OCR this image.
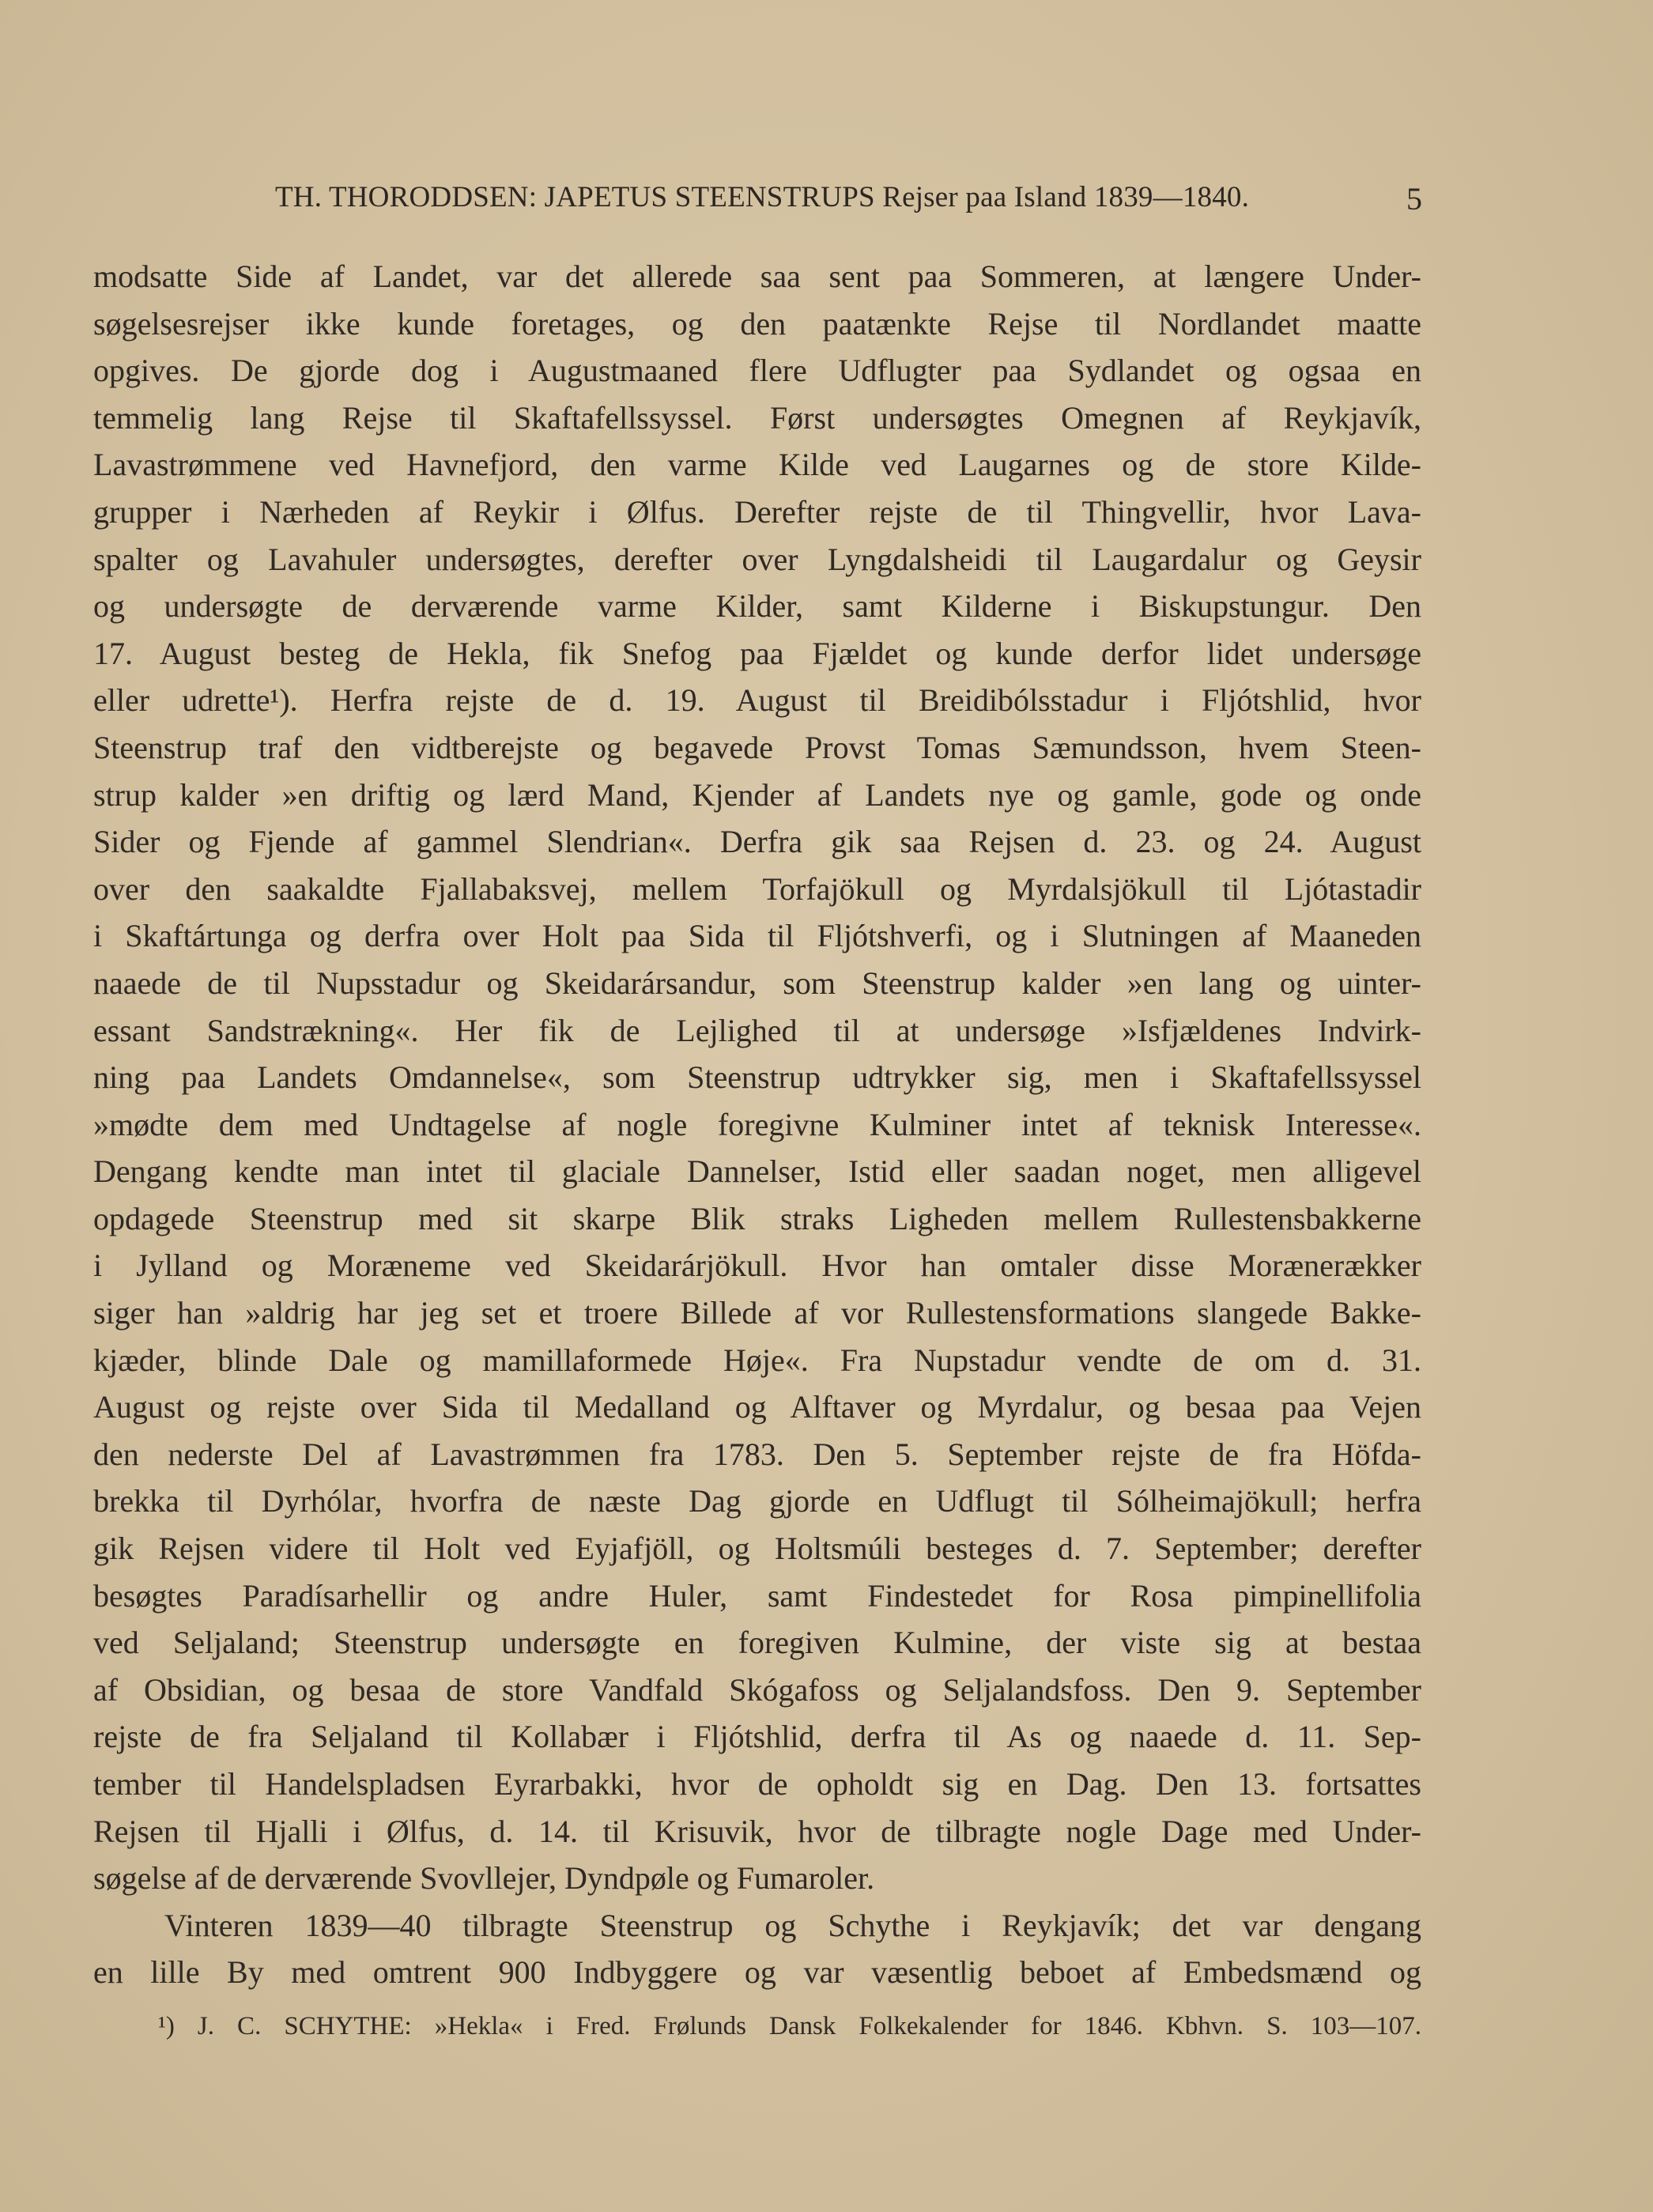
TH. THORODDSEN: JAPETUS STEENSTRUPS Rejser paa Island 1839—1840.	5
modsatte Side af Landet, var det allerede saa sent paa Sommeren, at længere Under-
søgelsesrejser ikke kunde foretages, og den paatænkte Rejse til Nordlandet maatte
opgives. De gjorde dog i Augustmaaned flere Udflugter paa Sydlandet og ogsaa en
temmelig lang Rejse til Skaftafellssyssel. Først undersøgtes Omegnen af Reykjavík,
Lavastrømmene ved Havnefjord, den varme Kilde ved Laugarnes og de store Kilde-
grupper i Nærheden af Reykir i Ølfus. Derefter rejste de til Thingvellir, hvor Lava-
spalter og Lavahuler undersøgtes, derefter over Lyngdalsheidi til Laugardalur og Geysir
og undersøgte de derværende varme Kilder, samt Kilderne i Biskupstungur. Den
17. August besteg de Hekla, fik Snefog paa Fjældet og kunde derfor lidet undersøge
eller udrette¹). Herfra rejste de d. 19. August til Breidibólsstadur i Fljótshlid, hvor
Steenstrup traf den vidtberejste og begavede Provst Tomas Sæmundsson, hvem Steen-
strup kalder »en driftig og lærd Mand, Kjender af Landets nye og gamle, gode og onde
Sider og Fjende af gammel Slendrian«. Derfra gik saa Rejsen d. 23. og 24. August
over den saakaldte Fjallabaksvej, mellem Torfajökull og Myrdalsjökull til Ljótastadir
i Skaftártunga og derfra over Holt paa Sida til Fljótshverfi, og i Slutningen af Maaneden
naaede de til Nupsstadur og Skeidarársandur, som Steenstrup kalder »en lang og uinter-
essant Sandstrækning«. Her fik de Lejlighed til at undersøge »Isfjældenes Indvirk-
ning paa Landets Omdannelse«, som Steenstrup udtrykker sig, men i Skaftafellssyssel
»mødte dem med Undtagelse af nogle foregivne Kulminer intet af teknisk Interesse«.
Dengang kendte man intet til glaciale Dannelser, Istid eller saadan noget, men alligevel
opdagede Steenstrup med sit skarpe Blik straks Ligheden mellem Rullestensbakkerne
i Jylland og Moræneme ved Skeidarárjökull. Hvor han omtaler disse Morænerækker
siger han »aldrig har jeg set et troere Billede af vor Rullestensformations slangede Bakke-
kjæder, blinde Dale og mamillaformede Høje«. Fra Nupstadur vendte de om d. 31.
August og rejste over Sida til Medalland og Alftaver og Myrdalur, og besaa paa Vejen
den nederste Del af Lavastrømmen fra 1783. Den 5. September rejste de fra Höfda-
brekka til Dyrhólar, hvorfra de næste Dag gjorde en Udflugt til Sólheimajökull; herfra
gik Rejsen videre til Holt ved Eyjafjöll, og Holtsmúli besteges d. 7. September; derefter
besøgtes Paradísarhellir og andre Huler, samt Findestedet for Rosa pimpinellifolia
ved Seljaland; Steenstrup undersøgte en foregiven Kulmine, der viste sig at bestaa
af Obsidian, og besaa de store Vandfald Skógafoss og Seljalandsfoss. Den 9. September
rejste de fra Seljaland til Kollabær i Fljótshlid, derfra til As og naaede d. 11. Sep-
tember til Handelspladsen Eyrarbakki, hvor de opholdt sig en Dag. Den 13. fortsattes
Rejsen til Hjalli i Ølfus, d. 14. til Krisuvik, hvor de tilbragte nogle Dage med Under-
søgelse af de derværende Svovllejer, Dyndpøle og Fumaroler.
Vinteren 1839—40 tilbragte Steenstrup og Schythe i Reykjavík; det var dengang
en lille By med omtrent 900 Indbyggere og var væsentlig beboet af Embedsmænd og
¹) J. C. SCHYTHE: »Hekla« i Fred. Frølunds Dansk Folkekalender for 1846. Kbhvn. S. 103—107.
